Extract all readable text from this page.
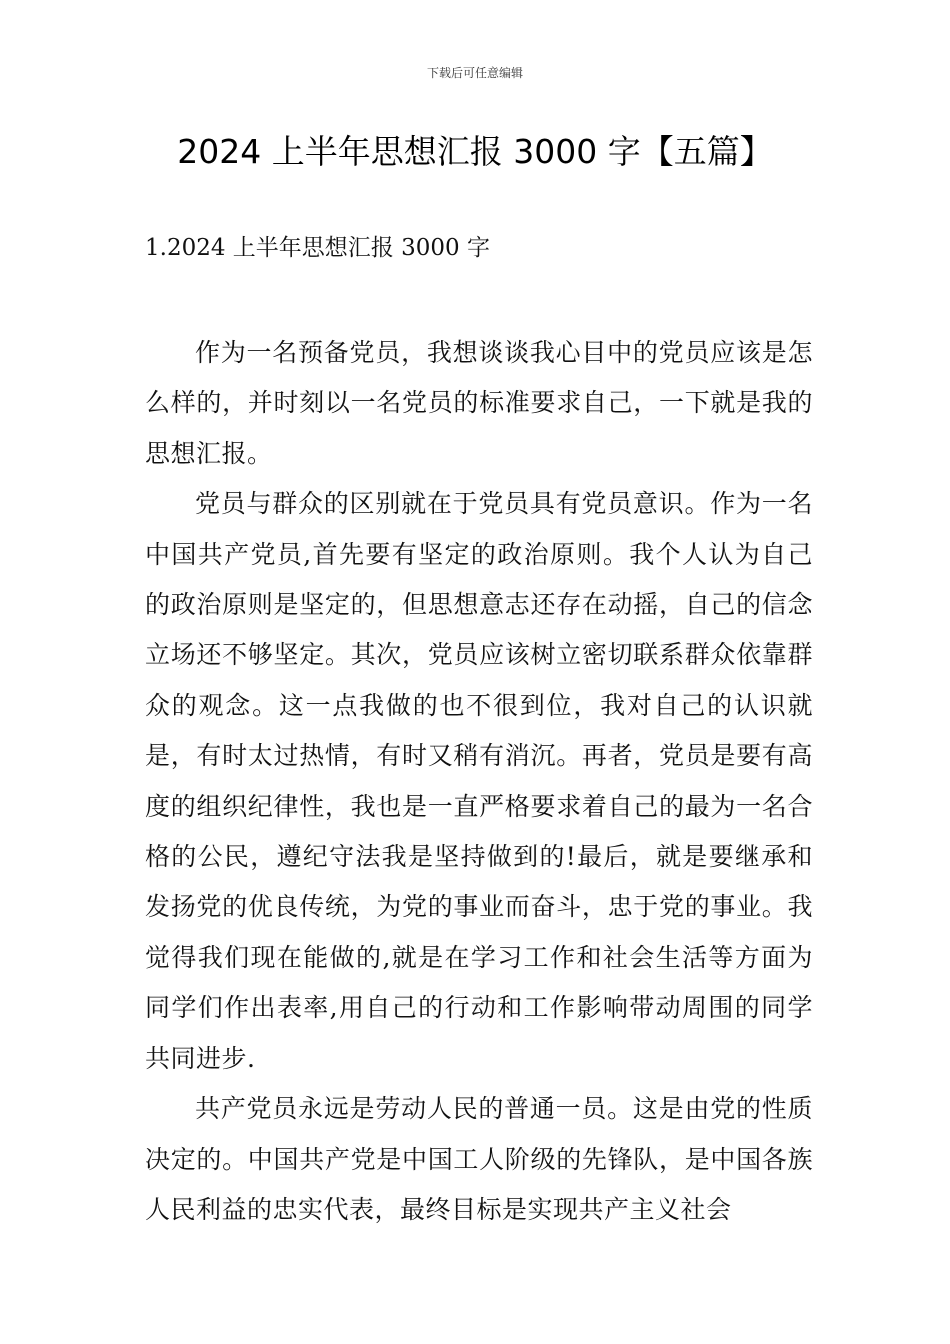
下载后可任意编辑
2024 上半年思想汇报 3000 字【五篇】
1.2024 上半年思想汇报 3000 字

作为一名预备党员，我想谈谈我心目中的党员应该是怎么样的，并时刻以一名党员的标准要求自己，一下就是我的思想汇报。

党员与群众的区别就在于党员具有党员意识。作为一名中国共产党员,首先要有坚定的政治原则。我个人认为自己的政治原则是坚定的，但思想意志还存在动摇，自己的信念立场还不够坚定。其次，党员应该树立密切联系群众依靠群众的观念。这一点我做的也不很到位，我对自己的认识就是，有时太过热情，有时又稍有消沉。再者，党员是要有高度的组织纪律性，我也是一直严格要求着自己的最为一名合格的公民，遵纪守法我是坚持做到的!最后，就是要继承和发扬党的优良传统，为党的事业而奋斗，忠于党的事业。我觉得我们现在能做的,就是在学习工作和社会生活等方面为同学们作出表率,用自己的行动和工作影响带动周围的同学共同进步.

共产党员永远是劳动人民的普通一员。这是由党的性质决定的。中国共产党是中国工人阶级的先锋队，是中国各族人民利益的忠实代表，最终目标是实现共产主义社会
